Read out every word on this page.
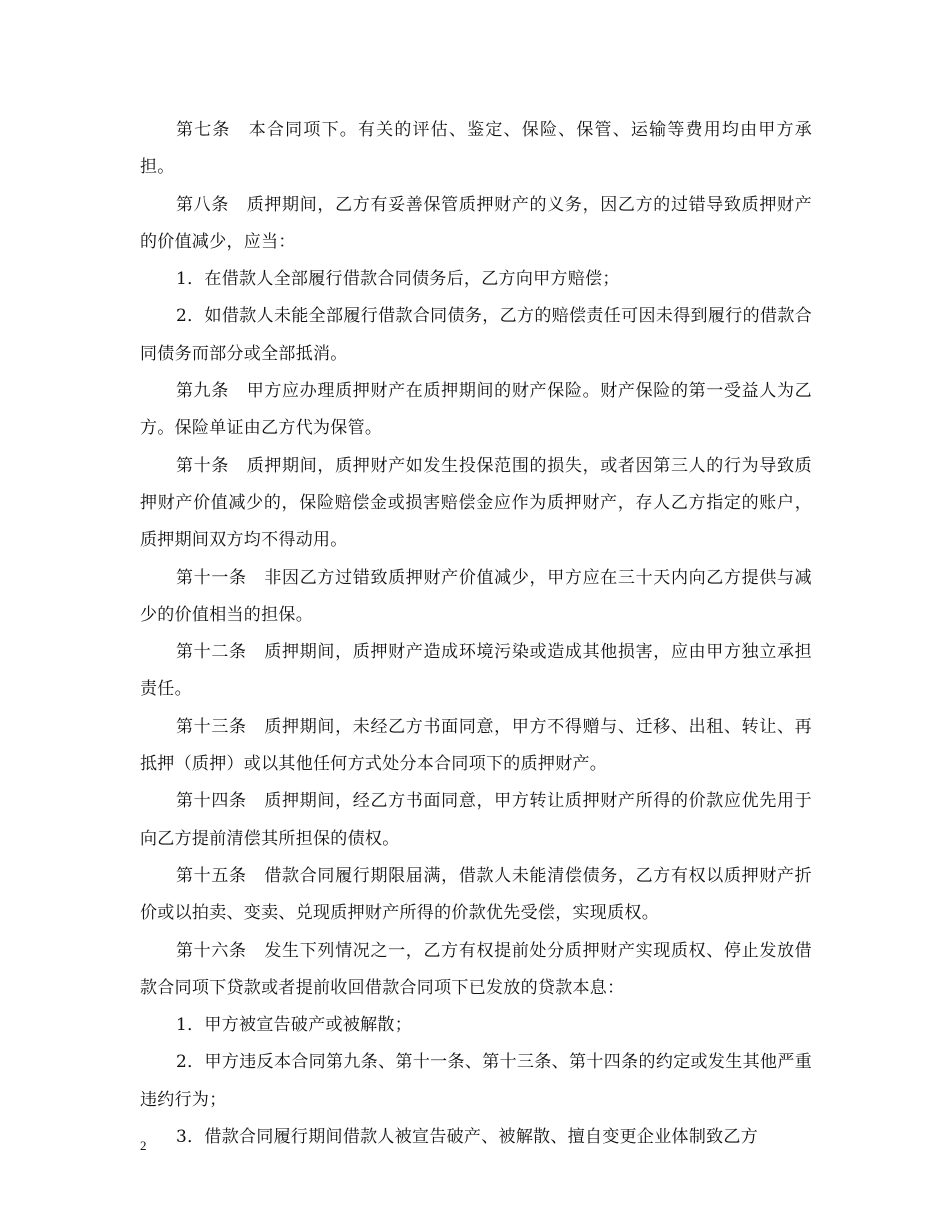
第七条　本合同项下。有关的评估、鉴定、保险、保管、运输等费用均由甲方承担。

第八条　质押期间，乙方有妥善保管质押财产的义务，因乙方的过错导致质押财产的价值减少，应当：

1．在借款人全部履行借款合同债务后，乙方向甲方赔偿；

2．如借款人未能全部履行借款合同债务，乙方的赔偿责任可因未得到履行的借款合同债务而部分或全部抵消。

第九条　甲方应办理质押财产在质押期间的财产保险。财产保险的第一受益人为乙方。保险单证由乙方代为保管。

第十条　质押期间，质押财产如发生投保范围的损失，或者因第三人的行为导致质押财产价值减少的，保险赔偿金或损害赔偿金应作为质押财产，存人乙方指定的账户，质押期间双方均不得动用。

第十一条　非因乙方过错致质押财产价值减少，甲方应在三十天内向乙方提供与减少的价值相当的担保。

第十二条　质押期间，质押财产造成环境污染或造成其他损害，应由甲方独立承担责任。

第十三条　质押期间，未经乙方书面同意，甲方不得赠与、迁移、出租、转让、再抵押（质押）或以其他任何方式处分本合同项下的质押财产。

第十四条　质押期间，经乙方书面同意，甲方转让质押财产所得的价款应优先用于向乙方提前清偿其所担保的债权。

第十五条　借款合同履行期限届满，借款人未能清偿债务，乙方有权以质押财产折价或以拍卖、变卖、兑现质押财产所得的价款优先受偿，实现质权。

第十六条　发生下列情况之一，乙方有权提前处分质押财产实现质权、停止发放借款合同项下贷款或者提前收回借款合同项下已发放的贷款本息：

1．甲方被宣告破产或被解散；

2．甲方违反本合同第九条、第十一条、第十三条、第十四条的约定或发生其他严重违约行为；

3．借款合同履行期间借款人被宣告破产、被解散、擅自变更企业体制致乙方

2
